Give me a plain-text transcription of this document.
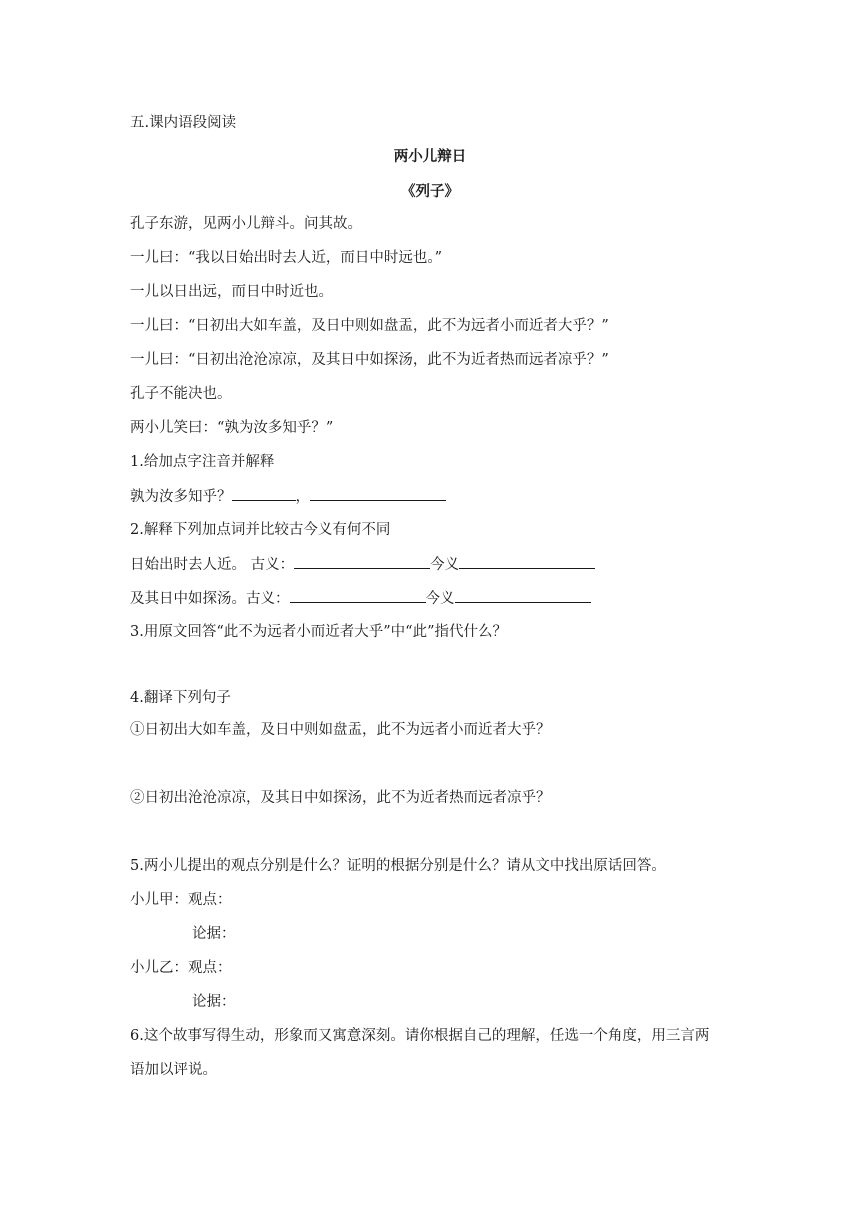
五.课内语段阅读
两小儿辩日
《列子》
孔子东游，见两小儿辩斗。问其故。
一儿曰：“我以日始出时去人近，而日中时远也。”
一儿以日出远，而日中时近也。
一儿曰：“日初出大如车盖，及日中则如盘盂，此不为远者小而近者大乎？”
一儿曰：“日初出沧沧凉凉，及其日中如探汤，此不为近者热而远者凉乎？”
孔子不能决也。
两小儿笑曰：“孰为汝多知乎？”
1.给加点字注音并解释
孰为汝多知乎？	，
2.解释下列加点词并比较古今义有何不同
日始出时去人近。 古义：	今义
及其日中如探汤。古义：	今义
3.用原文回答“此不为远者小而近者大乎”中“此”指代什么？
4.翻译下列句子
①日初出大如车盖，及日中则如盘盂，此不为远者小而近者大乎？
②日初出沧沧凉凉，及其日中如探汤，此不为近者热而远者凉乎？
5.两小儿提出的观点分别是什么？证明的根据分别是什么？请从文中找出原话回答。
小儿甲：观点：
论据：
小儿乙：观点：
论据：
6.这个故事写得生动，形象而又寓意深刻。请你根据自己的理解，任选一个角度，用三言两
语加以评说。
